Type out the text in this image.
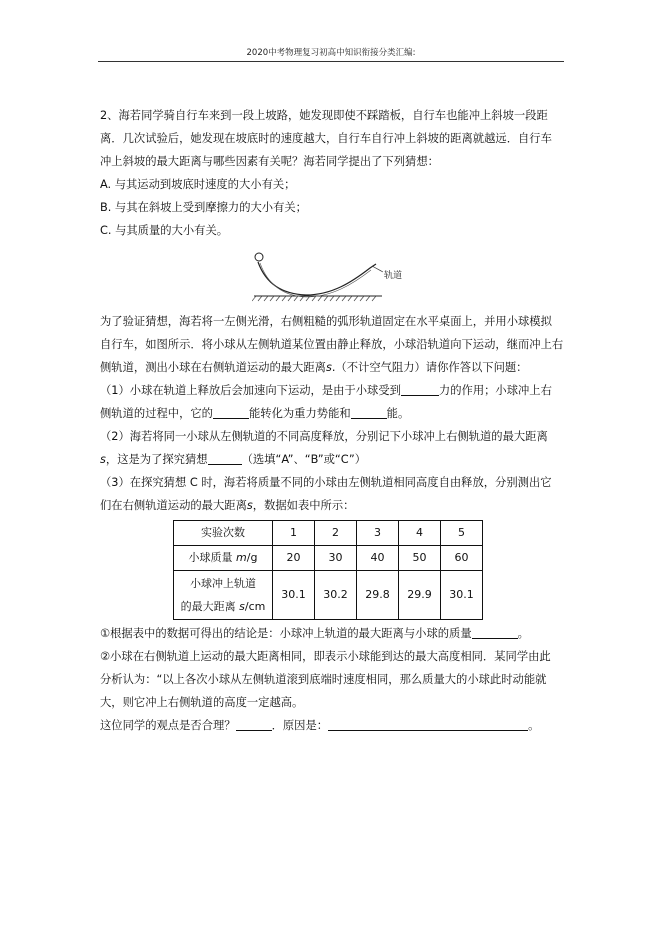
2020中考物理复习初高中知识衔接分类汇编:

2、海若同学骑自行车来到一段上坡路，她发现即使不踩踏板，自行车也能冲上斜坡一段距

离．几次试验后，她发现在坡底时的速度越大，自行车自行冲上斜坡的距离就越远．自行车

冲上斜坡的最大距离与哪些因素有关呢？海若同学提出了下列猜想：

A. 与其运动到坡底时速度的大小有关；

B. 与其在斜坡上受到摩擦力的大小有关；

C. 与其质量的大小有关。

轨道

为了验证猜想，海若将一左侧光滑，右侧粗糙的弧形轨道固定在水平桌面上，并用小球模拟

自行车，如图所示．将小球从左侧轨道某位置由静止释放，小球沿轨道向下运动，继而冲上右

侧轨道，测出小球在右侧轨道运动的最大距离s.（不计空气阻力）请你作答以下问题：

（1）小球在轨道上释放后会加速向下运动，是由于小球受到	力的作用；小球冲上右

侧轨道的过程中，它的	能转化为重力势能和	能。

（2）海若将同一小球从左侧轨道的不同高度释放，分别记下小球冲上右侧轨道的最大距离

s，这是为了探究猜想	（选填“A”、“B”或“C”）

（3）在探究猜想 C 时，海若将质量不同的小球由左侧轨道相同高度自由释放，分别测出它

们在右侧轨道运动的最大距离s，数据如表中所示：

实验次数	1	2	3	4	5
小球质量 m/g	20	30	40	50	60
小球冲上轨道
的最大距离 s/cm	30.1	30.2	29.8	29.9	30.1

①根据表中的数据可得出的结论是：小球冲上轨道的最大距离与小球的质量	。

②小球在右侧轨道上运动的最大距离相同，即表示小球能到达的最大高度相同．某同学由此

分析认为：“以上各次小球从左侧轨道滚到底端时速度相同，那么质量大的小球此时动能就

大，则它冲上右侧轨道的高度一定越高。

这位同学的观点是否合理？	．原因是：	。
